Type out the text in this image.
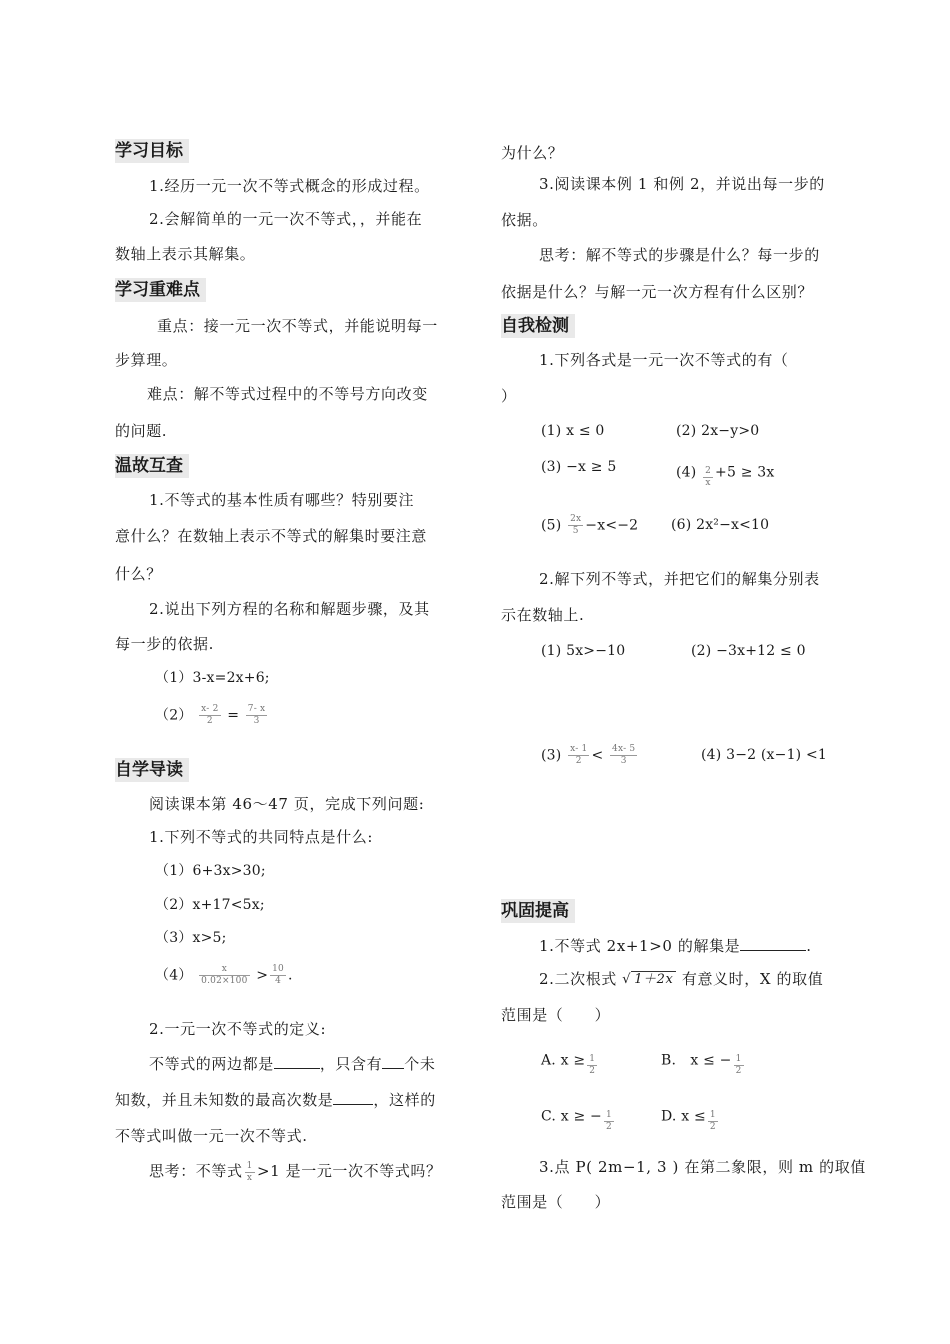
学习目标
1.经历一元一次不等式概念的形成过程。
2.会解简单的一元一次不等式，，并能在
数轴上表示其解集。
学习重难点
重点：接一元一次不等式，并能说明每一
步算理。
难点：解不等式过程中的不等号方向改变
的问题.
温故互查
1.不等式的基本性质有哪些？特别要注
意什么？在数轴上表示不等式的解集时要注意
什么？
2.说出下列方程的名称和解题步骤，及其
每一步的依据.
（1）3-x=2x+6;
$(2) \frac{x- 2}{2} = \frac{7- x}{3}$
自学导读
阅读课本第 46～47 页，完成下列问题:
1.下列不等式的共同特点是什么:
（1）6+3x>30;
（2）x+17<5x;
（3）x>5;
$(4) \frac{x}{0.02\times 100} > \frac{10}{4}$ .
2.一元一次不等式的定义:
不等式的两边都是	，只含有 个未
知数，并且未知数的最高次数是	，这样的
不等式叫做一元一次不等式.
思考：不等式 $\frac{1}{x} >1$ 是一元一次不等式吗？
为什么？
3.阅读课本例 1 和例 2，并说出每一步的
依据。
思考：解不等式的步骤是什么？每一步的
依据是什么？与解一元一次方程有什么区别？
自我检测
1.下列各式是一元一次不等式的有（
）
(1) x ≤ 0	(2) 2x−y>0
(3) −x ≥ 5	$(4) \frac{2}{x} +5 \ge 3x$
$(5) \frac{2x}{5} -x<-2$ (6) 2x²−x<10
2.解下列不等式，并把它们的解集分别表
示在数轴上.
(1) 5x>−10	(2) −3x+12 ≤ 0
$(3) \frac{x- 1}{2} < \frac{4x- 5}{3}$	(4) 3−2 (x−1) <1
巩固提高
1.不等式 2x+1>0 的解集是	.
2.二次根式 √ 1＋2x 有意义时，X 的取值
范围是（　　）
A. $x \ge \frac{1}{2}$	B.　x ≤ − $\frac{1}{2}$
C. x ≥ − $\frac{1}{2}$	D. $x \le \frac{1}{2}$
3.点 P( 2m−1, 3 ) 在第二象限，则 m 的取值
范围是（　　）
